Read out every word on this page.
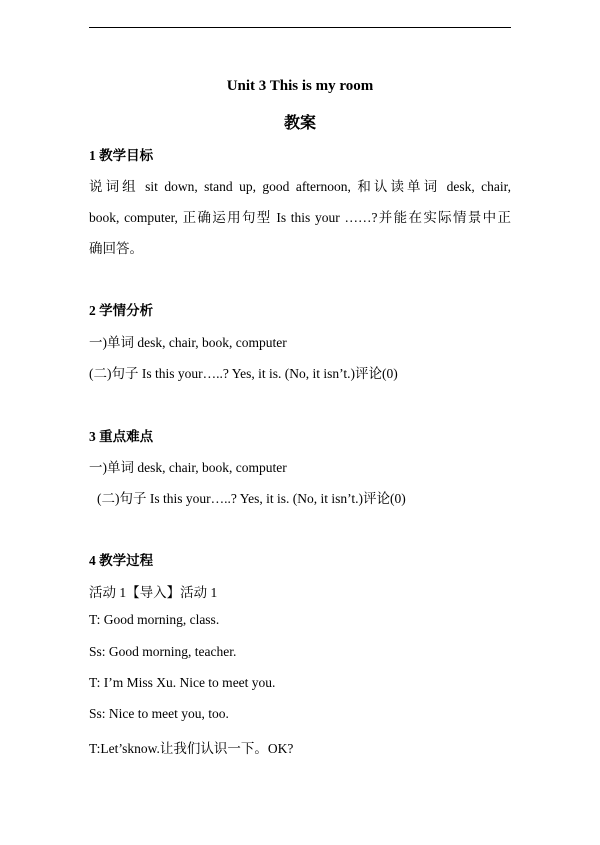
Unit 3 This is my room
教案
1 教学目标
说词组 sit down, stand up, good afternoon, 和认读单词 desk, chair,
book, computer, 正确运用句型 Is this your ……?并能在实际情景中正
确回答。
2 学情分析
一)单词 desk, chair, book, computer
(二)句子 Is this your…..? Yes, it is. (No, it isn’t.)评论(0)
3 重点难点
一)单词 desk, chair, book, computer
(二)句子 Is this your…..? Yes, it is. (No, it isn’t.)评论(0)
4 教学过程
活动 1【导入】活动 1
T: Good morning, class.
Ss: Good morning, teacher.
T: I’m Miss Xu. Nice to meet you.
Ss: Nice to meet you, too.
T:Let’sknow.让我们认识一下。OK?
